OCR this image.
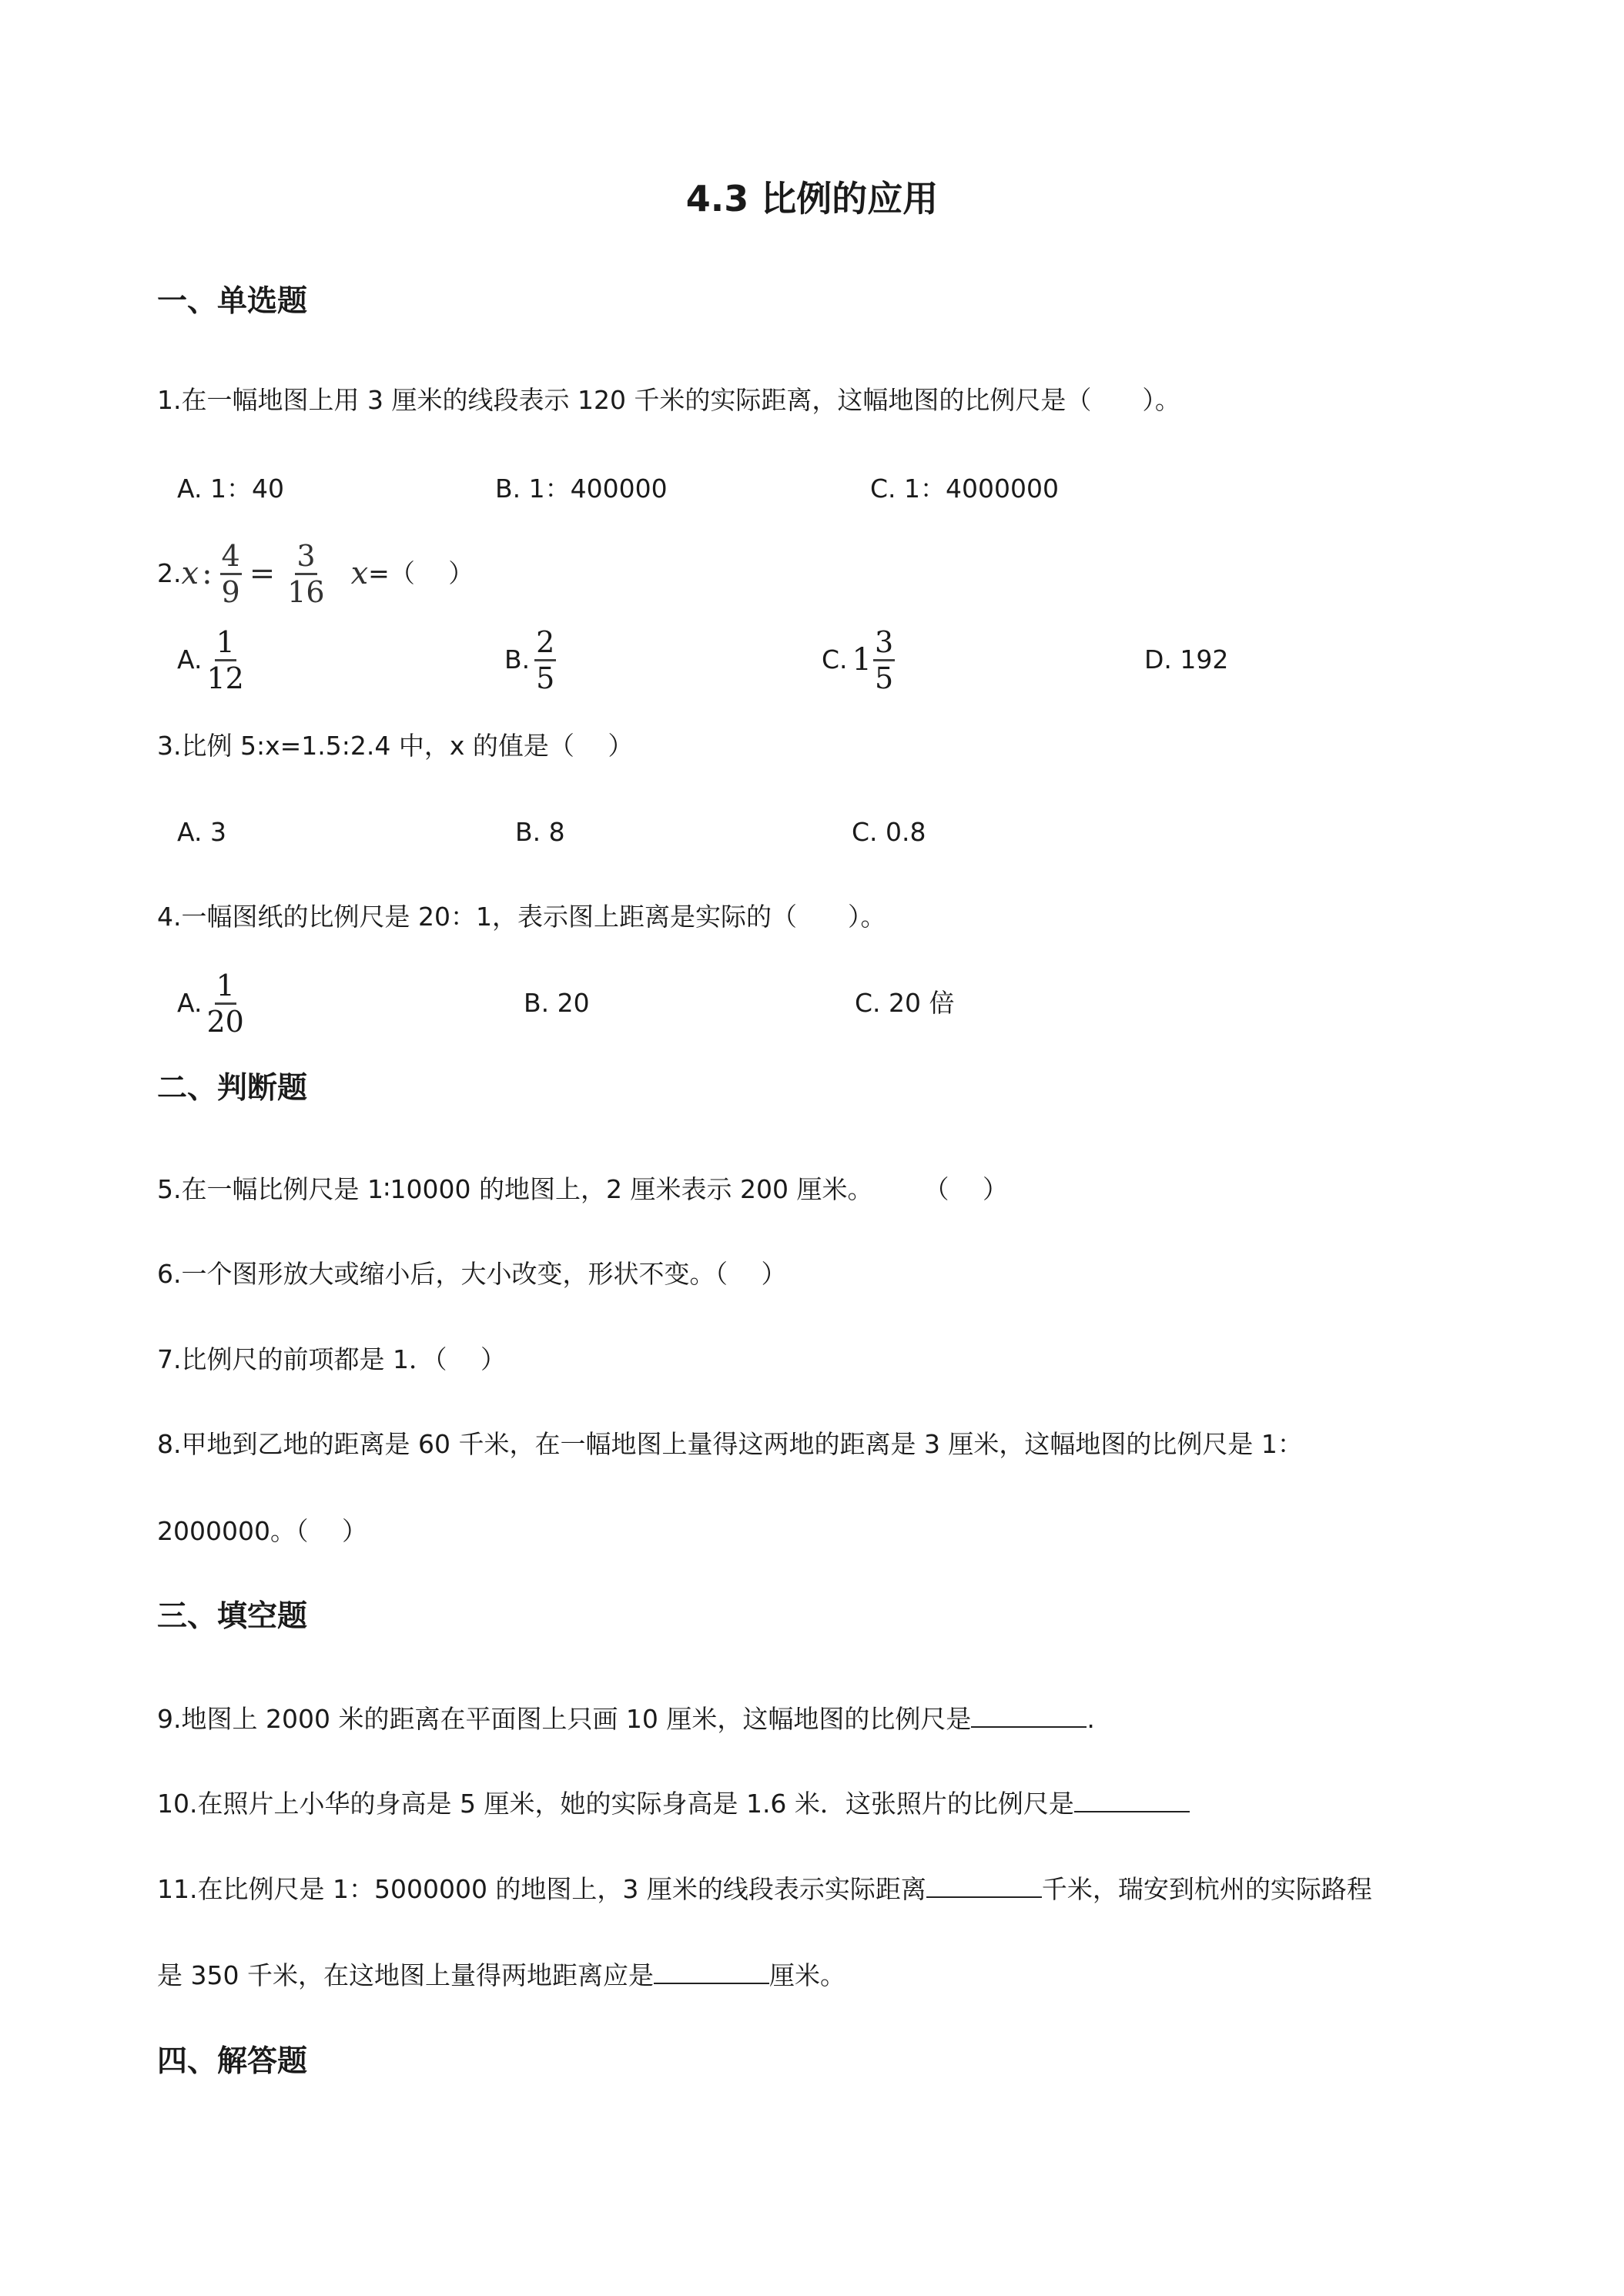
4.3 比例的应用
一、单选题
1.在一幅地图上用 3 厘米的线段表示 120 千米的实际距离，这幅地图的比例尺是（　　）。
A. 1：40	B. 1：400000	C. 1：4000000
2. x : $\frac{4}{9} = \frac{3}{16}$ x =（　 ）
A. $\frac{1}{12}$	B. $\frac{2}{5}$	C. $1 \frac{3}{5}$	D. 192
3.比例 5:x=1.5:2.4 中，x 的值是（　 ）
A. 3	B. 8	C. 0.8
4.一幅图纸的比例尺是 20：1，表示图上距离是实际的（　　）。
A. $\frac{1}{20}$	B. 20	C. 20 倍
二、判断题
5.在一幅比例尺是 1∶10000 的地图上，2 厘米表示 200 厘米。　　　（　 ）
6.一个图形放大或缩小后，大小改变，形状不变。（　 ）
7.比例尺的前项都是 1．（　 ）
8.甲地到乙地的距离是 60 千米，在一幅地图上量得这两地的距离是 3 厘米，这幅地图的比例尺是 1：
2000000。（　 ）
三、填空题
9.地图上 2000 米的距离在平面图上只画 10 厘米，这幅地图的比例尺是	.
10.在照片上小华的身高是 5 厘米，她的实际身高是 1.6 米．这张照片的比例尺是
11.在比例尺是 1：5000000 的地图上，3 厘米的线段表示实际距离	千米，瑞安到杭州的实际路程
是 350 千米，在这地图上量得两地距离应是	厘米。
四、解答题
